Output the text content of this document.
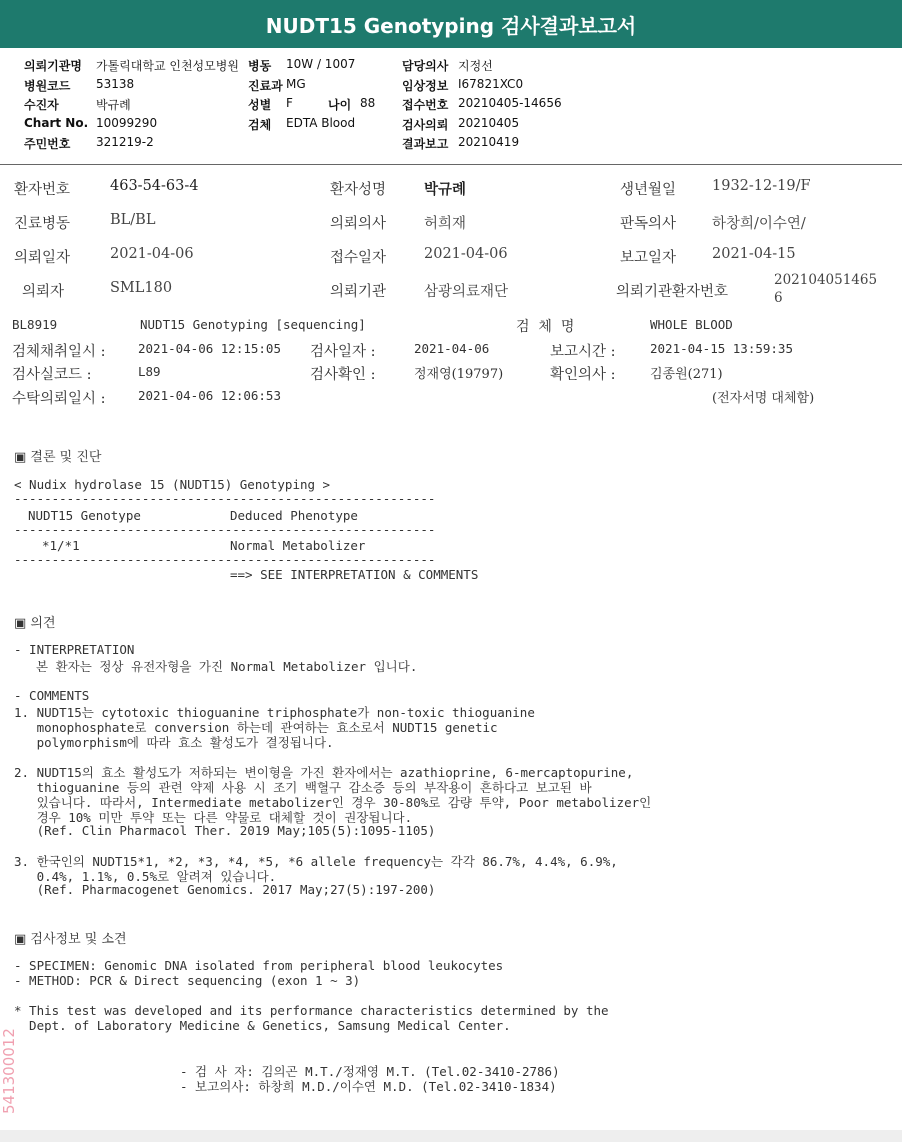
NUDT15 Genotyping 검사결과보고서
의뢰기관명 가톨릭대학교 인천성모병원 병동 10W / 1007	담당의사 지정선
병원코드 53138	진료과 MG	임상정보 I67821XC0
수진자	박규례	성별 F	나이 88 접수번호 20210405-14656
Chart No. 10099290	검체 EDTA Blood	검사의뢰 20210405
주민번호 321219-2	결과보고 20210419
환자번호	463-54-63-4	환자성명	박규례	생년월일 1932-12-19/F
진료병동	BL/BL	의뢰의사	허희재	판독의사 하창희/이수연/
의뢰일자	2021-04-06	접수일자	2021-04-06	보고일자 2021-04-15
의뢰자	SML180	의뢰기관	삼광의료재단	의뢰기관환자번호
202104051465
6
BL8919	NUDT15 Genotyping [sequencing]	검  체  명	WHOLE BLOOD
검체채취일시 :	2021-04-06 12:15:05 검사일자 :	2021-04-06	보고시간 :	2021-04-15 13:59:35
검사실코드 :	L89	검사확인 :	정재영(19797)	확인의사 :	김종원(271)
수탁의뢰일시 :	2021-04-06 12:06:53	(전자서명 대체함)
▣ 결론 및 진단
< Nudix hydrolase 15 (NUDT15) Genotyping >
--------------------------------------------------------
NUDT15 Genotype	Deduced Phenotype
--------------------------------------------------------
*1/*1	Normal Metabolizer
--------------------------------------------------------
==> SEE INTERPRETATION & COMMENTS
▣ 의견
- INTERPRETATION
본 환자는 정상 유전자형을 가진 Normal Metabolizer 입니다.
- COMMENTS
1. NUDT15는 cytotoxic thioguanine triphosphate가 non-toxic thioguanine
monophosphate로 conversion 하는데 관여하는 효소로서 NUDT15 genetic
polymorphism에 따라 효소 활성도가 결정됩니다.
2. NUDT15의 효소 활성도가 저하되는 변이형을 가진 환자에서는 azathioprine, 6-mercaptopurine,
thioguanine 등의 관련 약제 사용 시 조기 백혈구 감소증 등의 부작용이 흔하다고 보고된 바
있습니다. 따라서, Intermediate metabolizer인 경우 30-80%로 감량 투약, Poor metabolizer인
경우 10% 미만 투약 또는 다른 약물로 대체할 것이 권장됩니다.
(Ref. Clin Pharmacol Ther. 2019 May;105(5):1095-1105)
3. 한국인의 NUDT15*1, *2, *3, *4, *5, *6 allele frequency는 각각 86.7%, 4.4%, 6.9%,
0.4%, 1.1%, 0.5%로 알려져 있습니다.
(Ref. Pharmacogenet Genomics. 2017 May;27(5):197-200)
▣ 검사정보 및 소견
- SPECIMEN: Genomic DNA isolated from peripheral blood leukocytes
- METHOD: PCR & Direct sequencing (exon 1 ~ 3)
* This test was developed and its performance characteristics determined by the
Dept. of Laboratory Medicine & Genetics, Samsung Medical Center.
- 검 사 자: 김의곤 M.T./정재영 M.T. (Tel.02-3410-2786)
- 보고의사: 하창희 M.D./이수연 M.D. (Tel.02-3410-1834)
541300012
